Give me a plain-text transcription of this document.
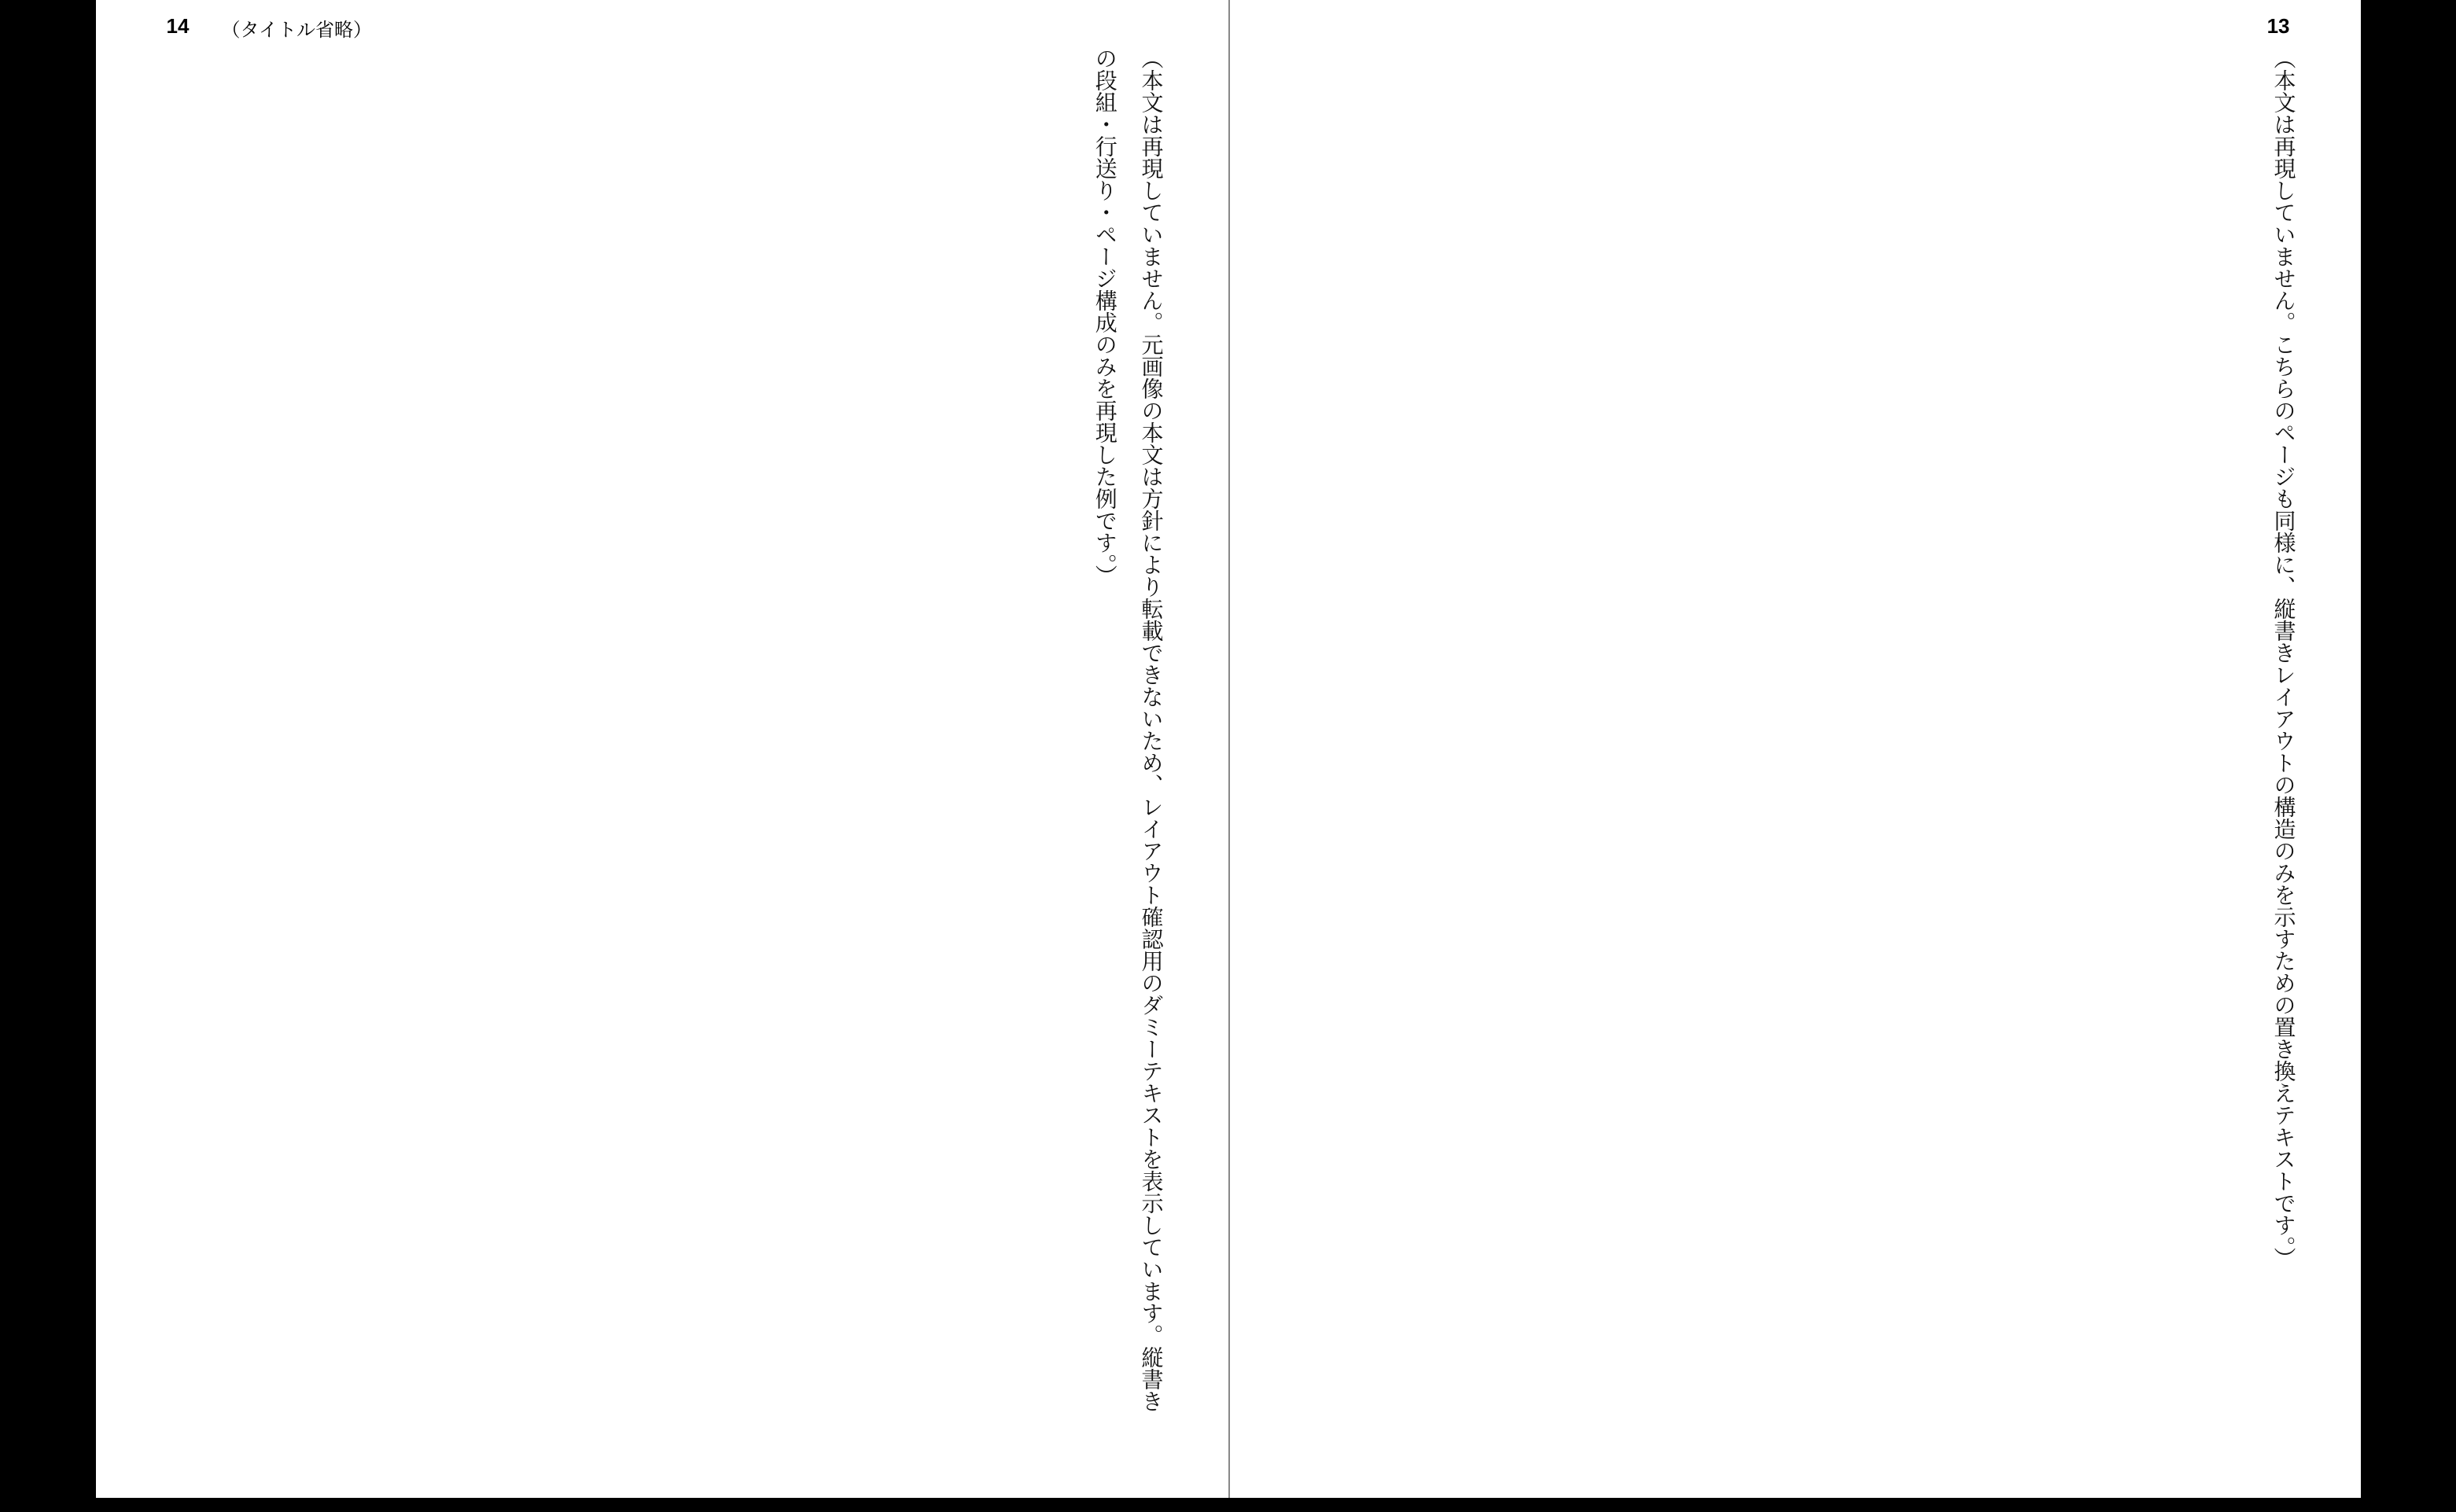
14 （タイトル省略）
（本文は再現していません。元画像の本文は方針により転載できないため、レイアウト確認用のダミーテキストを表示しています。縦書きの段組・行送り・ページ構成のみを再現した例です。）
13
（本文は再現していません。こちらのページも同様に、縦書きレイアウトの構造のみを示すための置き換えテキストです。）
